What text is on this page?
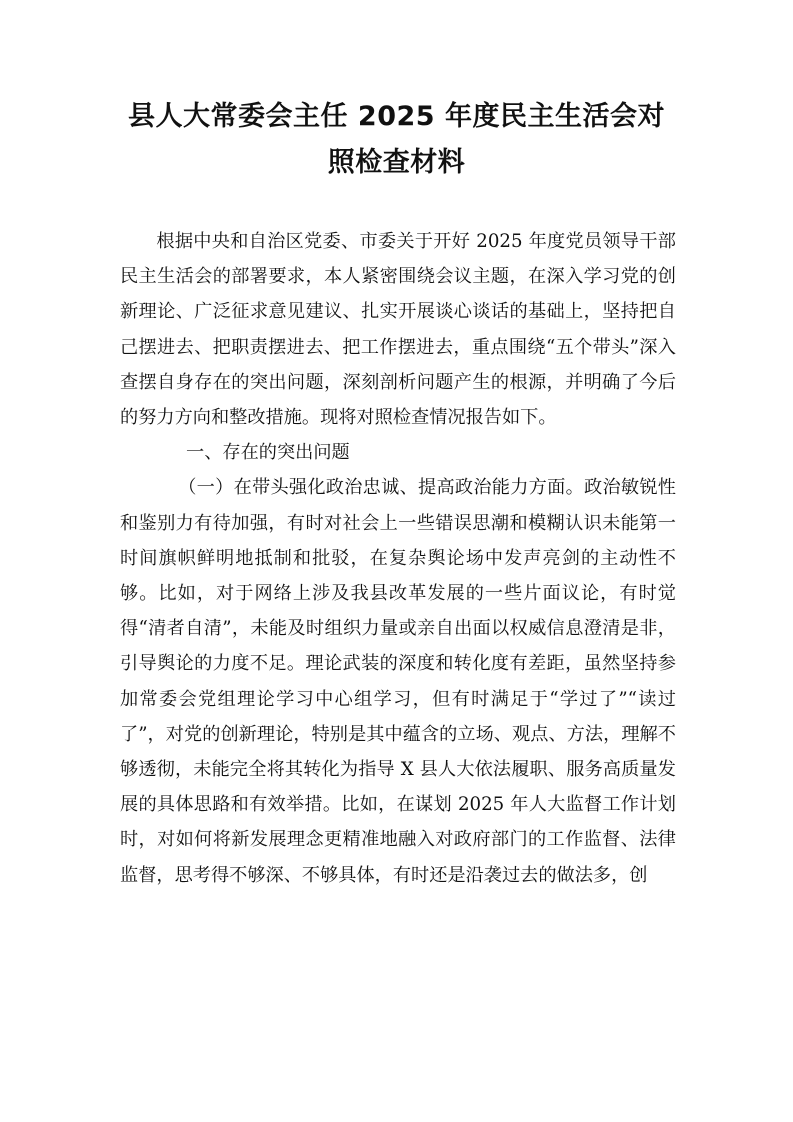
县人大常委会主任 2025 年度民主生活会对
照检查材料

根据中央和自治区党委、市委关于开好 2025 年度党员领导干部民主生活会的部署要求，本人紧密围绕会议主题，在深入学习党的创新理论、广泛征求意见建议、扎实开展谈心谈话的基础上，坚持把自己摆进去、把职责摆进去、把工作摆进去，重点围绕“五个带头”深入查摆自身存在的突出问题，深刻剖析问题产生的根源，并明确了今后的努力方向和整改措施。现将对照检查情况报告如下。

一、存在的突出问题

（一）在带头强化政治忠诚、提高政治能力方面。政治敏锐性和鉴别力有待加强，有时对社会上一些错误思潮和模糊认识未能第一时间旗帜鲜明地抵制和批驳，在复杂舆论场中发声亮剑的主动性不够。比如，对于网络上涉及我县改革发展的一些片面议论，有时觉得“清者自清”，未能及时组织力量或亲自出面以权威信息澄清是非，引导舆论的力度不足。理论武装的深度和转化度有差距，虽然坚持参加常委会党组理论学习中心组学习，但有时满足于“学过了”“读过了”，对党的创新理论，特别是其中蕴含的立场、观点、方法，理解不够透彻，未能完全将其转化为指导 X 县人大依法履职、服务高质量发展的具体思路和有效举措。比如，在谋划 2025 年人大监督工作计划时，对如何将新发展理念更精准地融入对政府部门的工作监督、法律监督，思考得不够深、不够具体，有时还是沿袭过去的做法多，创
